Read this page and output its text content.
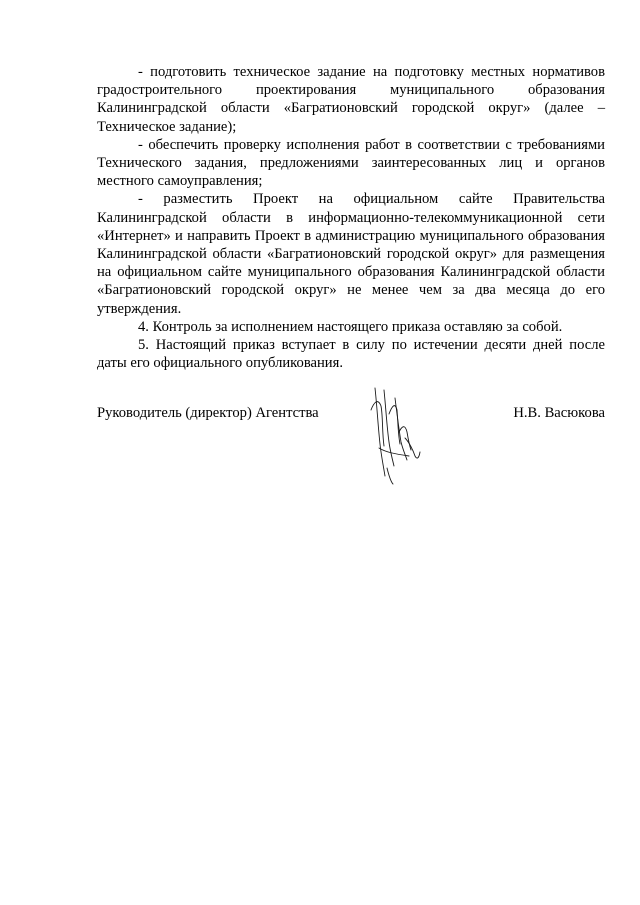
- подготовить техническое задание на подготовку местных нормативов градостроительного проектирования муниципального образования Калининградской области «Багратионовский городской округ» (далее – Техническое задание);

- обеспечить проверку исполнения работ в соответствии с требованиями Технического задания, предложениями заинтересованных лиц и органов местного самоуправления;

- разместить Проект на официальном сайте Правительства Калининградской области в информационно-телекоммуникационной сети «Интернет» и направить Проект в администрацию муниципального образования Калининградской области «Багратионовский городской округ» для размещения на официальном сайте муниципального образования Калининградской области «Багратионовский городской округ» не менее чем за два месяца до его утверждения.

4. Контроль за исполнением настоящего приказа оставляю за собой.

5. Настоящий приказ вступает в силу по истечении десяти дней после даты его официального опубликования.

Руководитель (директор) Агентства	Н.В. Васюкова
